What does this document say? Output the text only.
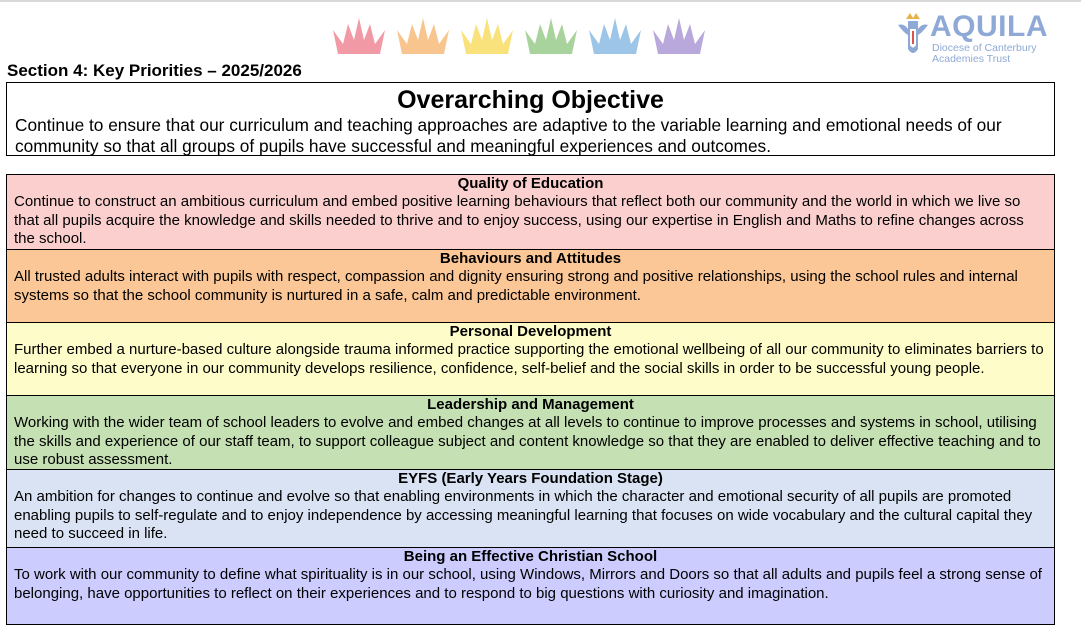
AQUILA
Diocese of Canterbury
Academies Trust
Section 4: Key Priorities – 2025/2026
Overarching Objective
Continue to ensure that our curriculum and teaching approaches are adaptive to the variable learning and emotional needs of our community so that all groups of pupils have successful and meaningful experiences and outcomes.
Quality of Education
Continue to construct an ambitious curriculum and embed positive learning behaviours that reflect both our community and the world in which we live so that all pupils acquire the knowledge and skills needed to thrive and to enjoy success, using our expertise in English and Maths to refine changes across the school.
Behaviours and Attitudes
All trusted adults interact with pupils with respect, compassion and dignity ensuring strong and positive relationships, using the school rules and internal systems so that the school community is nurtured in a safe, calm and predictable environment.
Personal Development
Further embed a nurture-based culture alongside trauma informed practice supporting the emotional wellbeing of all our community to eliminates barriers to learning so that everyone in our community develops resilience, confidence, self-belief and the social skills in order to be successful young people.
Leadership and Management
Working with the wider team of school leaders to evolve and embed changes at all levels to continue to improve processes and systems in school, utilising the skills and experience of our staff team, to support colleague subject and content knowledge so that they are enabled to deliver effective teaching and to use robust assessment.
EYFS (Early Years Foundation Stage)
An ambition for changes to continue and evolve so that enabling environments in which the character and emotional security of all pupils are promoted enabling pupils to self-regulate and to enjoy independence by accessing meaningful learning that focuses on wide vocabulary and the cultural capital they need to succeed in life.
Being an Effective Christian School
To work with our community to define what spirituality is in our school, using Windows, Mirrors and Doors so that all adults and pupils feel a strong sense of belonging, have opportunities to reflect on their experiences and to respond to big questions with curiosity and imagination.
